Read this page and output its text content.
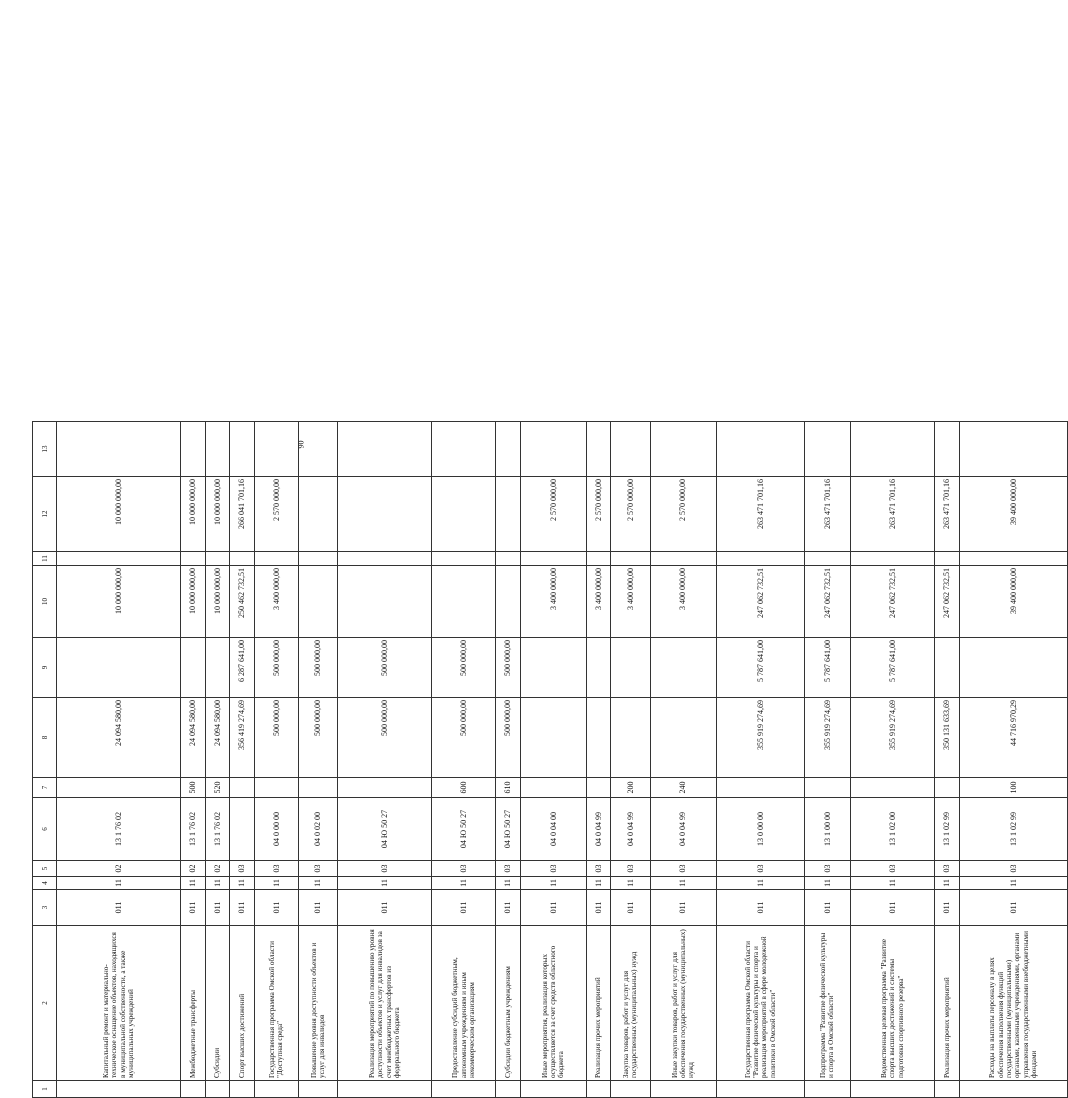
90
1	2	3	4	5	6	7	8	9	10	11	12	13
	Капитальный ремонт и материально-техническое оснащение объектов, находящихся в муниципальной собственности, а также муниципальных учреждений	011	11	02	13 1 76 02		24 094 580,00		10 000 000,00		10 000 000,00	
	Межбюджетные трансферты	011	11	02	13 1 76 02	500	24 094 580,00		10 000 000,00		10 000 000,00	
	Субсидии	011	11	02	13 1 76 02	520	24 094 580,00		10 000 000,00		10 000 000,00	
	Спорт высших достижений	011	11	03			356 419 274,69	6 287 641,00	250 462 732,51		266 041 701,16	
	Государственная программа Омской области "Доступная среда"	011	11	03	04 0 00 00		500 000,00	500 000,00	3 400 000,00		2 570 000,00	
	Повышение уровня доступности объектов и услуг для инвалидов	011	11	03	04 0 02 00		500 000,00	500 000,00				
	Реализация мероприятий по повышению уровня доступности объектов и услуг для инвалидов за счет межбюджетных трансфертов из федерального бюджета	011	11	03	04 Ю 50 27		500 000,00	500 000,00				
	Предоставление субсидий бюджетным, автономным учреждениям и иным некоммерческим организациям	011	11	03	04 Ю 50 27	600	500 000,00	500 000,00				
	Субсидии бюджетным учреждениям	011	11	03	04 Ю 50 27	610	500 000,00	500 000,00				
	Иные мероприятия, реализация которых осуществляется за счет средств областного бюджета	011	11	03	04 0 04 00				3 400 000,00		2 570 000,00	
	Реализация прочих мероприятий	011	11	03	04 0 04 99				3 400 000,00		2 570 000,00	
	Закупка товаров, работ и услуг для государственных (муниципальных) нужд	011	11	03	04 0 04 99	200			3 400 000,00		2 570 000,00	
	Иные закупки товаров, работ и услуг для обеспечения государственных (муниципальных) нужд	011	11	03	04 0 04 99	240			3 400 000,00		2 570 000,00	
	Государственная программа Омской области "Развитие физической культуры и спорта и реализация мероприятий в сфере молодежной политики в Омской области"	011	11	03	13 0 00 00		355 919 274,69	5 787 641,00	247 062 732,51		263 471 701,16	
	Подпрограмма "Развитие физической культуры и спорта в Омской области"	011	11	03	13 1 00 00		355 919 274,69	5 787 641,00	247 062 732,51		263 471 701,16	
	Ведомственная целевая программа "Развитие спорта высших достижений и системы подготовки спортивного резерва"	011	11	03	13 1 02 00		355 919 274,69	5 787 641,00	247 062 732,51		263 471 701,16	
	Реализация прочих мероприятий	011	11	03	13 1 02 99		350 131 633,69		247 062 732,51		263 471 701,16	
	Расходы на выплаты персоналу в целях обеспечения выполнения функций государственными (муниципальными) органами, казенными учреждениями, органами управления государственными внебюджетными фондами	011	11	03	13 1 02 99	100	44 716 970,29		39 400 000,00		39 400 000,00	
